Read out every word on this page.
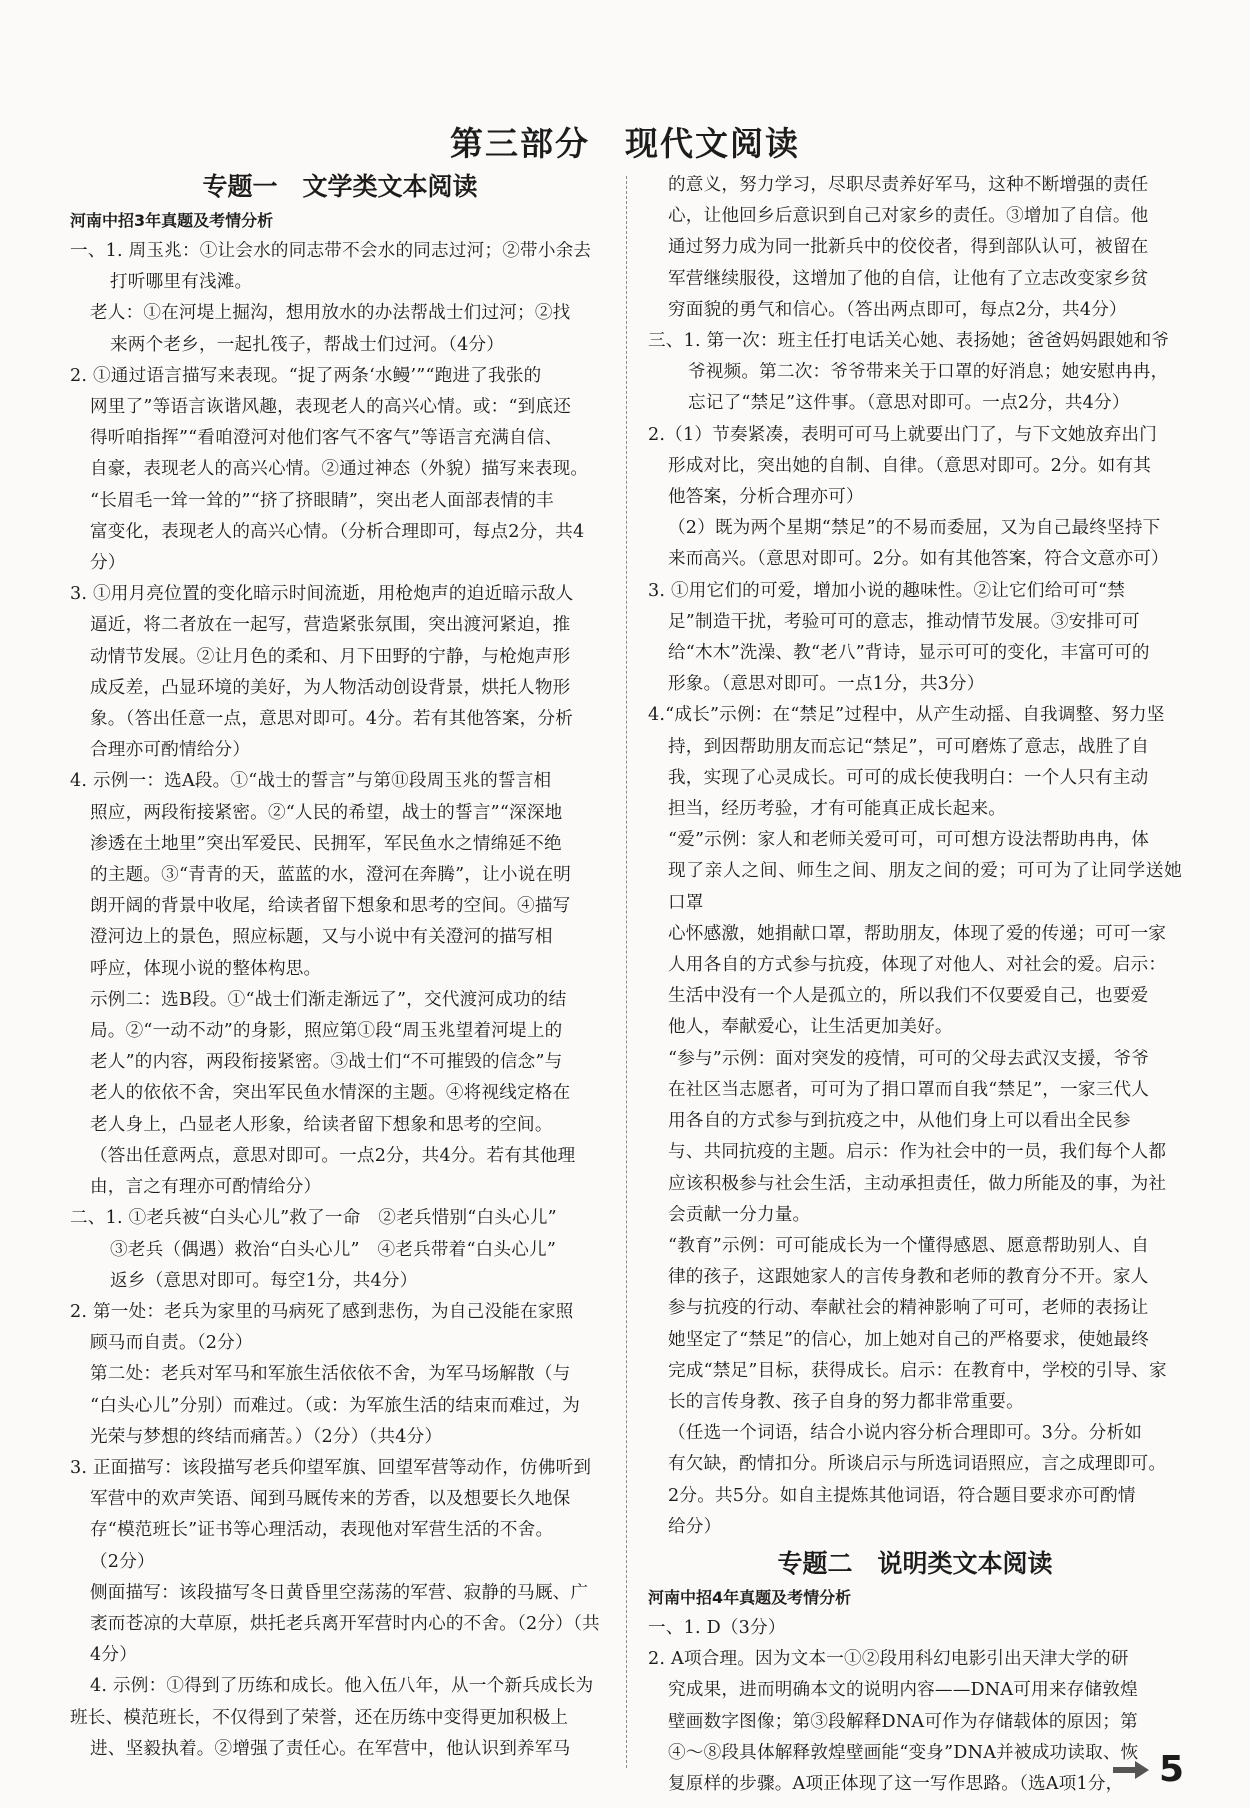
第三部分　现代文阅读
专题一　文学类文本阅读
河南中招3年真题及考情分析

一、1. 周玉兆：①让会水的同志带不会水的同志过河；②带小余去

打听哪里有浅滩。

老人：①在河堤上掘沟，想用放水的办法帮战士们过河；②找

来两个老乡，一起扎筏子，帮战士们过河。（4分）

2. ①通过语言描写来表现。“捉了两条‘水鳗’”“跑进了我张的

网里了”等语言诙谐风趣，表现老人的高兴心情。或：“到底还

得听咱指挥”“看咱澄河对他们客气不客气”等语言充满自信、

自豪，表现老人的高兴心情。②通过神态（外貌）描写来表现。

“长眉毛一耸一耸的”“挤了挤眼睛”，突出老人面部表情的丰

富变化，表现老人的高兴心情。（分析合理即可，每点2分，共4

分）

3. ①用月亮位置的变化暗示时间流逝，用枪炮声的迫近暗示敌人

逼近，将二者放在一起写，营造紧张氛围，突出渡河紧迫，推

动情节发展。②让月色的柔和、月下田野的宁静，与枪炮声形

成反差，凸显环境的美好，为人物活动创设背景，烘托人物形

象。（答出任意一点，意思对即可。4分。若有其他答案，分析

合理亦可酌情给分）

4. 示例一：选A段。①“战士的誓言”与第⑪段周玉兆的誓言相

照应，两段衔接紧密。②“人民的希望，战士的誓言”“深深地

渗透在土地里”突出军爱民、民拥军，军民鱼水之情绵延不绝

的主题。③“青青的天，蓝蓝的水，澄河在奔腾”，让小说在明

朗开阔的背景中收尾，给读者留下想象和思考的空间。④描写

澄河边上的景色，照应标题，又与小说中有关澄河的描写相

呼应，体现小说的整体构思。

示例二：选B段。①“战士们渐走渐远了”，交代渡河成功的结

局。②“一动不动”的身影，照应第①段“周玉兆望着河堤上的

老人”的内容，两段衔接紧密。③战士们“不可摧毁的信念”与

老人的依依不舍，突出军民鱼水情深的主题。④将视线定格在

老人身上，凸显老人形象，给读者留下想象和思考的空间。

（答出任意两点，意思对即可。一点2分，共4分。若有其他理

由，言之有理亦可酌情给分）

二、1. ①老兵被“白头心儿”救了一命　②老兵惜别“白头心儿”

③老兵（偶遇）救治“白头心儿”　④老兵带着“白头心儿”

返乡（意思对即可。每空1分，共4分）

2. 第一处：老兵为家里的马病死了感到悲伤，为自己没能在家照

顾马而自责。（2分）

第二处：老兵对军马和军旅生活依依不舍，为军马场解散（与

“白头心儿”分别）而难过。（或：为军旅生活的结束而难过，为

光荣与梦想的终结而痛苦。）（2分）（共4分）

3. 正面描写：该段描写老兵仰望军旗、回望军营等动作，仿佛听到

军营中的欢声笑语、闻到马厩传来的芳香，以及想要长久地保

存“模范班长”证书等心理活动，表现他对军营生活的不舍。

（2分）

侧面描写：该段描写冬日黄昏里空荡荡的军营、寂静的马厩、广

袤而苍凉的大草原，烘托老兵离开军营时内心的不舍。（2分）（共

4分）

4. 示例：①得到了历练和成长。他入伍八年，从一个新兵成长为

班长、模范班长，不仅得到了荣誉，还在历练中变得更加积极上

进、坚毅执着。②增强了责任心。在军营中，他认识到养军马

的意义，努力学习，尽职尽责养好军马，这种不断增强的责任

心，让他回乡后意识到自己对家乡的责任。③增加了自信。他

通过努力成为同一批新兵中的佼佼者，得到部队认可，被留在

军营继续服役，这增加了他的自信，让他有了立志改变家乡贫

穷面貌的勇气和信心。（答出两点即可，每点2分，共4分）

三、1. 第一次：班主任打电话关心她、表扬她；爸爸妈妈跟她和爷

爷视频。第二次：爷爷带来关于口罩的好消息；她安慰冉冉，

忘记了“禁足”这件事。（意思对即可。一点2分，共4分）

2.（1）节奏紧凑，表明可可马上就要出门了，与下文她放弃出门

形成对比，突出她的自制、自律。（意思对即可。2分。如有其

他答案，分析合理亦可）

（2）既为两个星期“禁足”的不易而委屈，又为自己最终坚持下

来而高兴。（意思对即可。2分。如有其他答案，符合文意亦可）

3. ①用它们的可爱，增加小说的趣味性。②让它们给可可“禁

足”制造干扰，考验可可的意志，推动情节发展。③安排可可

给“木木”洗澡、教“老八”背诗，显示可可的变化，丰富可可的

形象。（意思对即可。一点1分，共3分）

4.“成长”示例：在“禁足”过程中，从产生动摇、自我调整、努力坚

持，到因帮助朋友而忘记“禁足”，可可磨炼了意志，战胜了自

我，实现了心灵成长。可可的成长使我明白：一个人只有主动

担当，经历考验，才有可能真正成长起来。

“爱”示例：家人和老师关爱可可，可可想方设法帮助冉冉，体

现了亲人之间、师生之间、朋友之间的爱；可可为了让同学送她口罩

心怀感激，她捐献口罩，帮助朋友，体现了爱的传递；可可一家

人用各自的方式参与抗疫，体现了对他人、对社会的爱。启示：

生活中没有一个人是孤立的，所以我们不仅要爱自己，也要爱

他人，奉献爱心，让生活更加美好。

“参与”示例：面对突发的疫情，可可的父母去武汉支援，爷爷

在社区当志愿者，可可为了捐口罩而自我“禁足”，一家三代人

用各自的方式参与到抗疫之中，从他们身上可以看出全民参

与、共同抗疫的主题。启示：作为社会中的一员，我们每个人都

应该积极参与社会生活，主动承担责任，做力所能及的事，为社

会贡献一分力量。

“教育”示例：可可能成长为一个懂得感恩、愿意帮助别人、自

律的孩子，这跟她家人的言传身教和老师的教育分不开。家人

参与抗疫的行动、奉献社会的精神影响了可可，老师的表扬让

她坚定了“禁足”的信心，加上她对自己的严格要求，使她最终

完成“禁足”目标，获得成长。启示：在教育中，学校的引导、家

长的言传身教、孩子自身的努力都非常重要。

（任选一个词语，结合小说内容分析合理即可。3分。分析如

有欠缺，酌情扣分。所谈启示与所选词语照应，言之成理即可。

2分。共5分。如自主提炼其他词语，符合题目要求亦可酌情

给分）

专题二　说明类文本阅读
河南中招4年真题及考情分析

一、1. D（3分）

2. A项合理。因为文本一①②段用科幻电影引出天津大学的研

究成果，进而明确本文的说明内容——DNA可用来存储敦煌

壁画数字图像；第③段解释DNA可作为存储载体的原因；第

④～⑧段具体解释敦煌壁画能“变身”DNA并被成功读取、恢

复原样的步骤。A项正体现了这一写作思路。（选A项1分， 5
